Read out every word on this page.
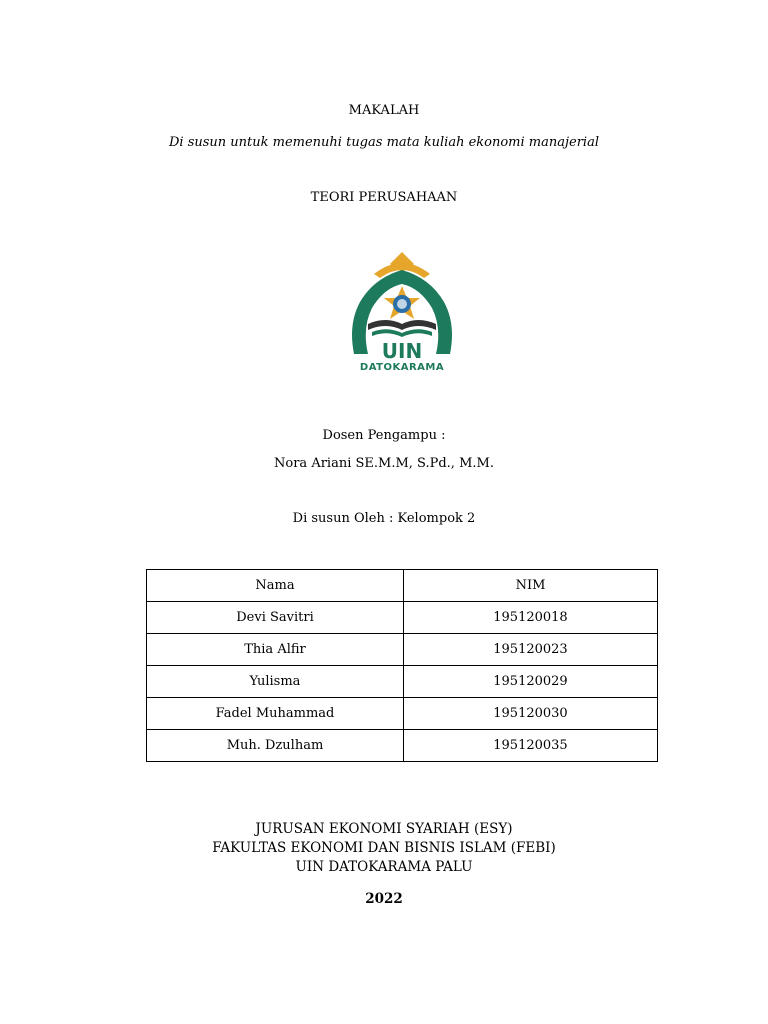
MAKALAH
Di susun untuk memenuhi tugas mata kuliah ekonomi manajerial
TEORI PERUSAHAAN
UIN
DATOKARAMA
Dosen Pengampu :
Nora Ariani SE.M.M, S.Pd., M.M.
Di susun Oleh : Kelompok 2
Nama	NIM
Devi Savitri	195120018
Thia Alfir	195120023
Yulisma	195120029
Fadel Muhammad	195120030
Muh. Dzulham	195120035
JURUSAN EKONOMI SYARIAH (ESY)
FAKULTAS EKONOMI DAN BISNIS ISLAM (FEBI)
UIN DATOKARAMA PALU
2022
